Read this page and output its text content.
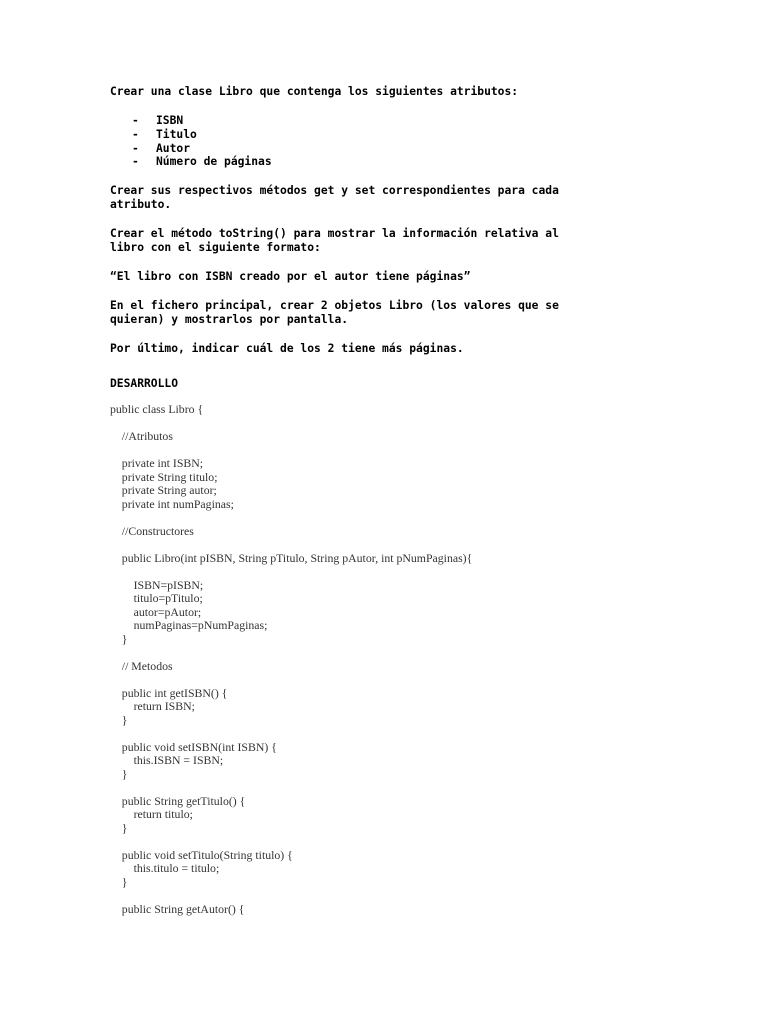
Crear una clase Libro que contenga los siguientes atributos:
- ISBN
- Titulo
- Autor
- Número de páginas
Crear sus respectivos métodos get y set correspondientes para cada
atributo.
Crear el método toString() para mostrar la información relativa al
libro con el siguiente formato:
“El libro con ISBN creado por el autor tiene páginas”
En el fichero principal, crear 2 objetos Libro (los valores que se
quieran) y mostrarlos por pantalla.
Por último, indicar cuál de los 2 tiene más páginas.
DESARROLLO
public class Libro {
//Atributos
private int ISBN;
private String titulo;
private String autor;
private int numPaginas;
//Constructores
public Libro(int pISBN, String pTitulo, String pAutor, int pNumPaginas){
ISBN=pISBN;
titulo=pTitulo;
autor=pAutor;
numPaginas=pNumPaginas;
}
// Metodos
public int getISBN() {
return ISBN;
}
public void setISBN(int ISBN) {
this.ISBN = ISBN;
}
public String getTitulo() {
return titulo;
}
public void setTitulo(String titulo) {
this.titulo = titulo;
}
public String getAutor() {
